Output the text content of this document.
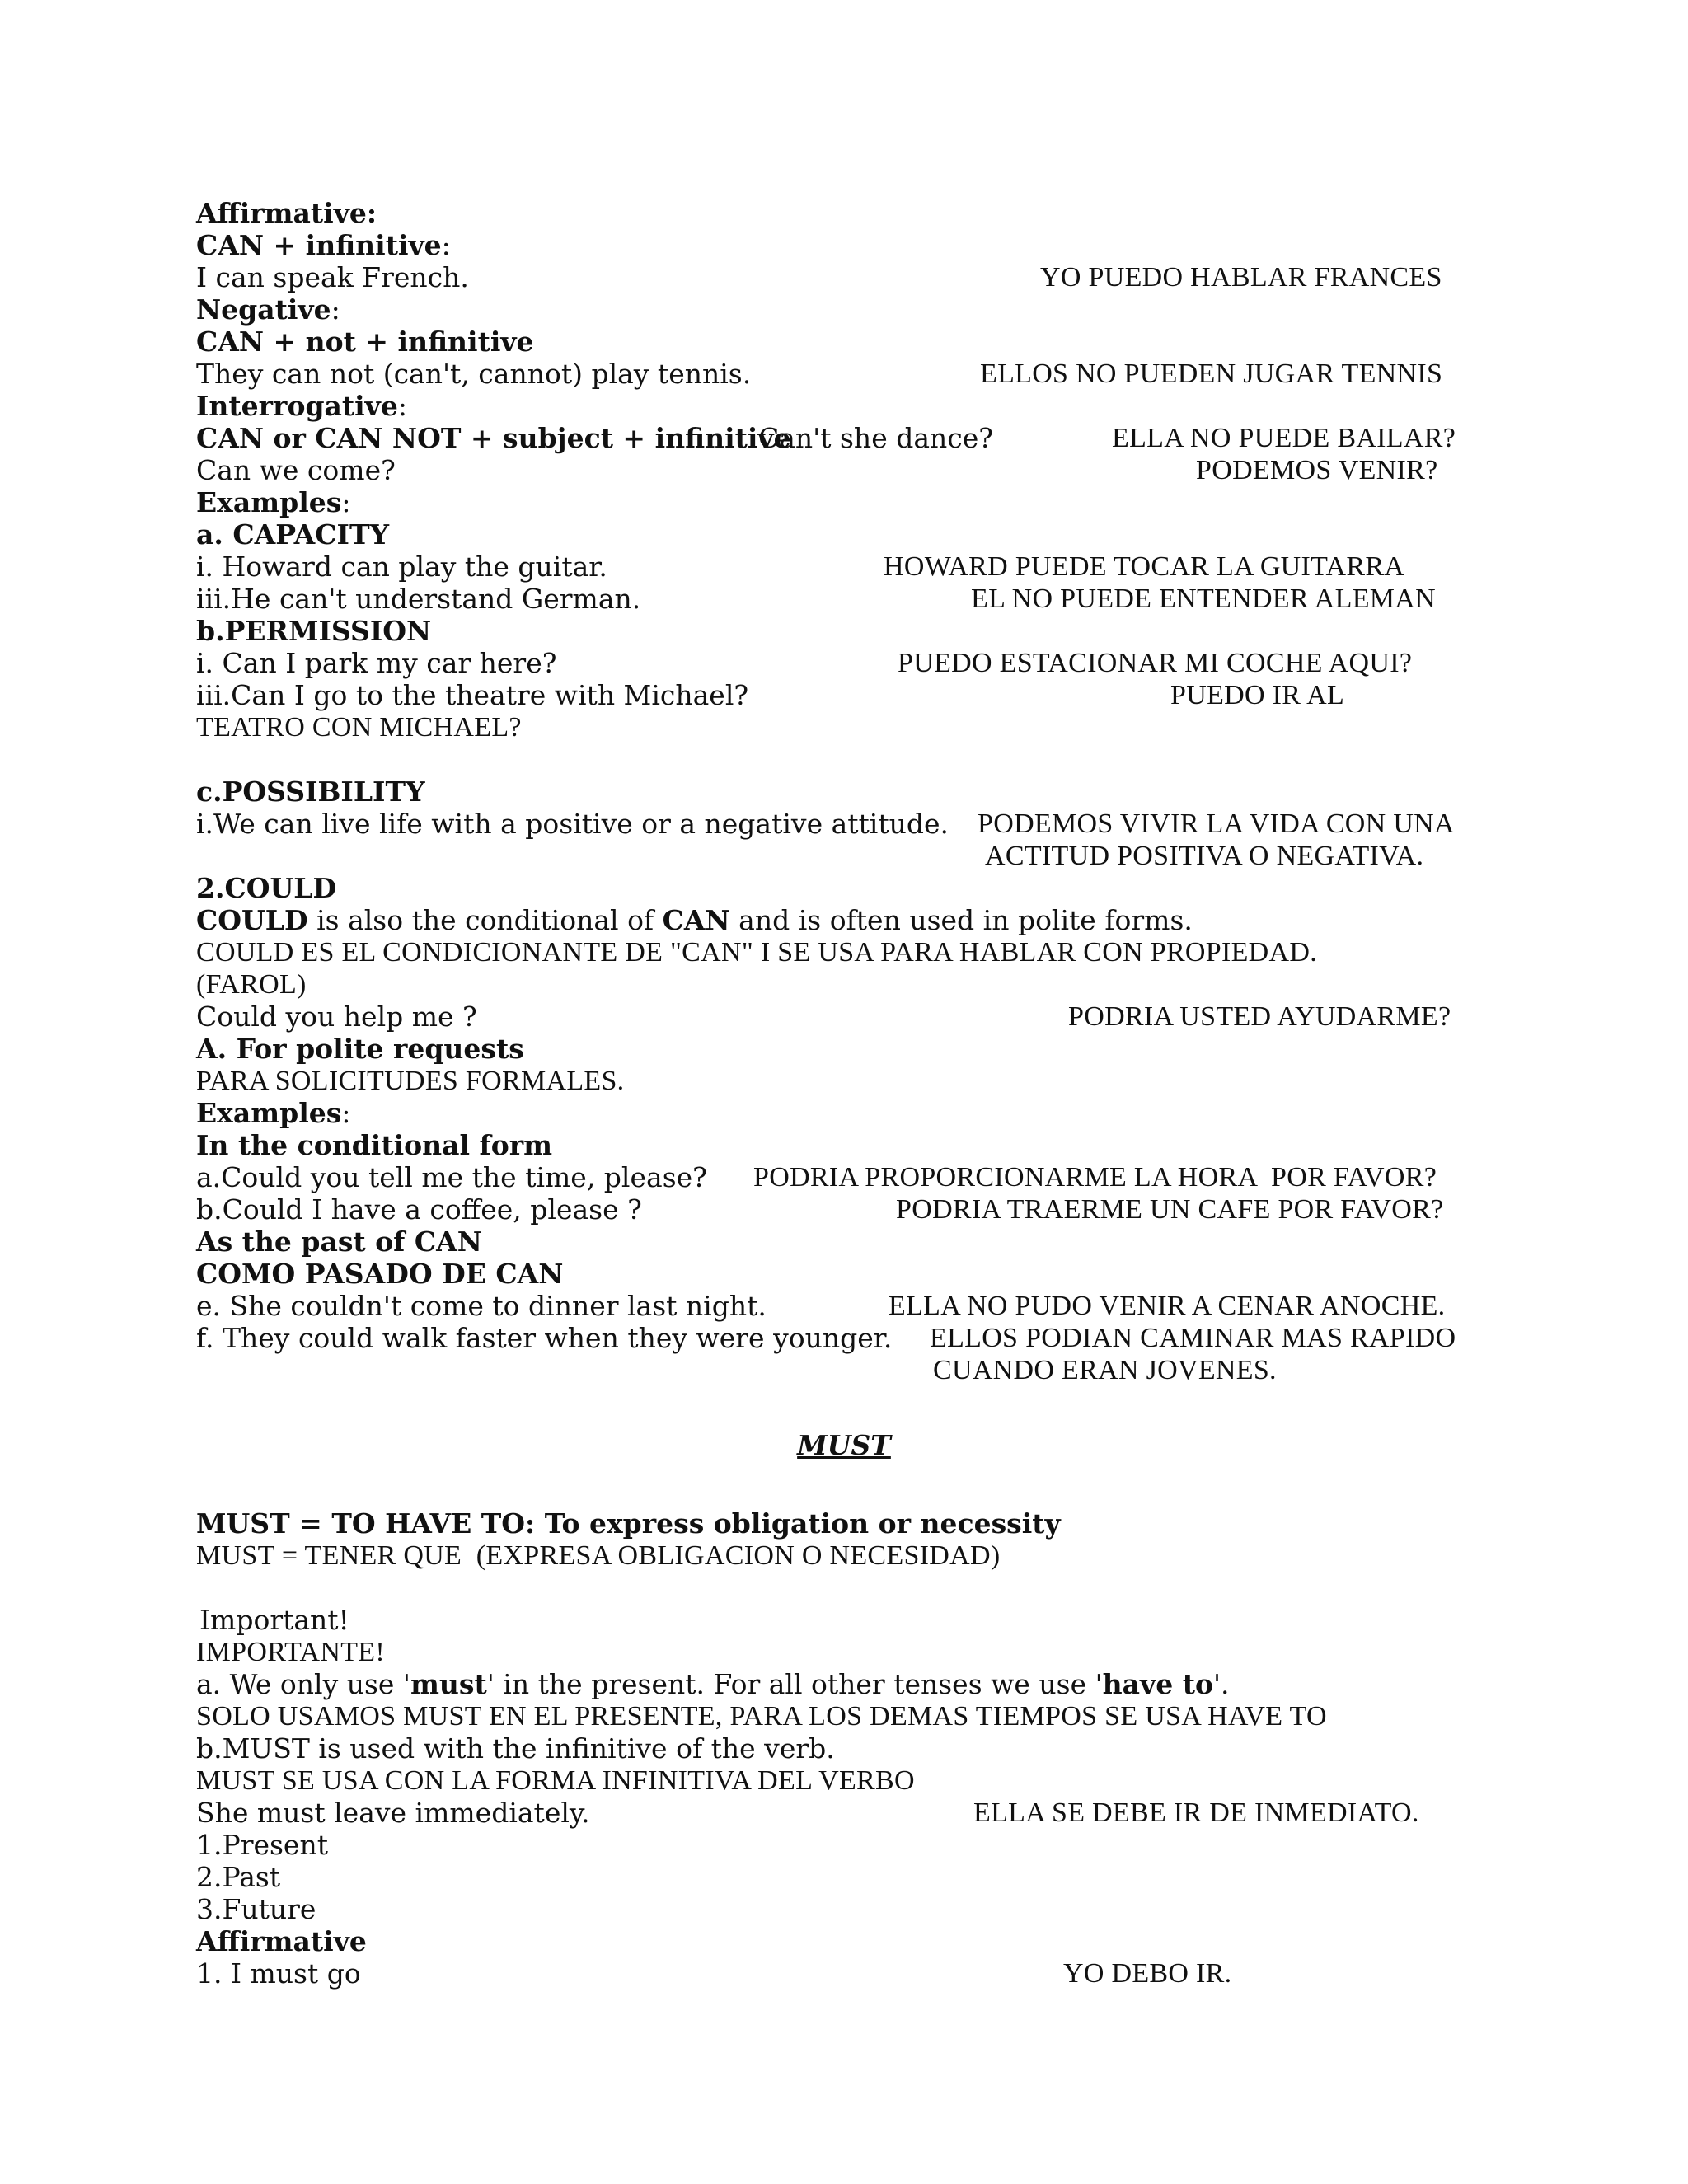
Affirmative:
CAN + infinitive:
I can speak French.	YO PUEDO HABLAR FRANCES
Negative:
CAN + not + infinitive
They can not (can't, cannot) play tennis.	ELLOS NO PUEDEN JUGAR TENNIS
Interrogative:
CAN or CAN NOT + subject + infinitive
Can't she dance?	ELLA NO PUEDE BAILAR?
Can we come?	PODEMOS VENIR?
Examples:
a. CAPACITY
i. Howard can play the guitar.	HOWARD PUEDE TOCAR LA GUITARRA
iii.He can't understand German.	EL NO PUEDE ENTENDER ALEMAN
b.PERMISSION
i. Can I park my car here?	PUEDO ESTACIONAR MI COCHE AQUI?
iii.Can I go to the theatre with Michael?	PUEDO IR AL
TEATRO CON MICHAEL?
c.POSSIBILITY
i.We can live life with a positive or a negative attitude. PODEMOS VIVIR LA VIDA CON UNA
ACTITUD POSITIVA O NEGATIVA.
2.COULD
COULD is also the conditional of CAN and is often used in polite forms.
COULD ES EL CONDICIONANTE DE "CAN" I SE USA PARA HABLAR CON PROPIEDAD.
(FAROL)
Could you help me ?	PODRIA USTED AYUDARME?
A. For polite requests
PARA SOLICITUDES FORMALES.
Examples:
In the conditional form
a.Could you tell me the time, please? PODRIA PROPORCIONARME LA HORA  POR FAVOR?
b.Could I have a coffee, please ?	PODRIA TRAERME UN CAFE POR FAVOR?
As the past of CAN
COMO PASADO DE CAN
e. She couldn't come to dinner last night.	ELLA NO PUDO VENIR A CENAR ANOCHE.
f. They could walk faster when they were younger. ELLOS PODIAN CAMINAR MAS RAPIDO
CUANDO ERAN JOVENES.
MUST
MUST = TO HAVE TO: To express obligation or necessity
MUST = TENER QUE  (EXPRESA OBLIGACION O NECESIDAD)
Important!
IMPORTANTE!
a. We only use 'must' in the present. For all other tenses we use 'have to'.
SOLO USAMOS MUST EN EL PRESENTE, PARA LOS DEMAS TIEMPOS SE USA HAVE TO
b.MUST is used with the infinitive of the verb.
MUST SE USA CON LA FORMA INFINITIVA DEL VERBO
She must leave immediately.	ELLA SE DEBE IR DE INMEDIATO.
1.Present
2.Past
3.Future
Affirmative
1. I must go	YO DEBO IR.
